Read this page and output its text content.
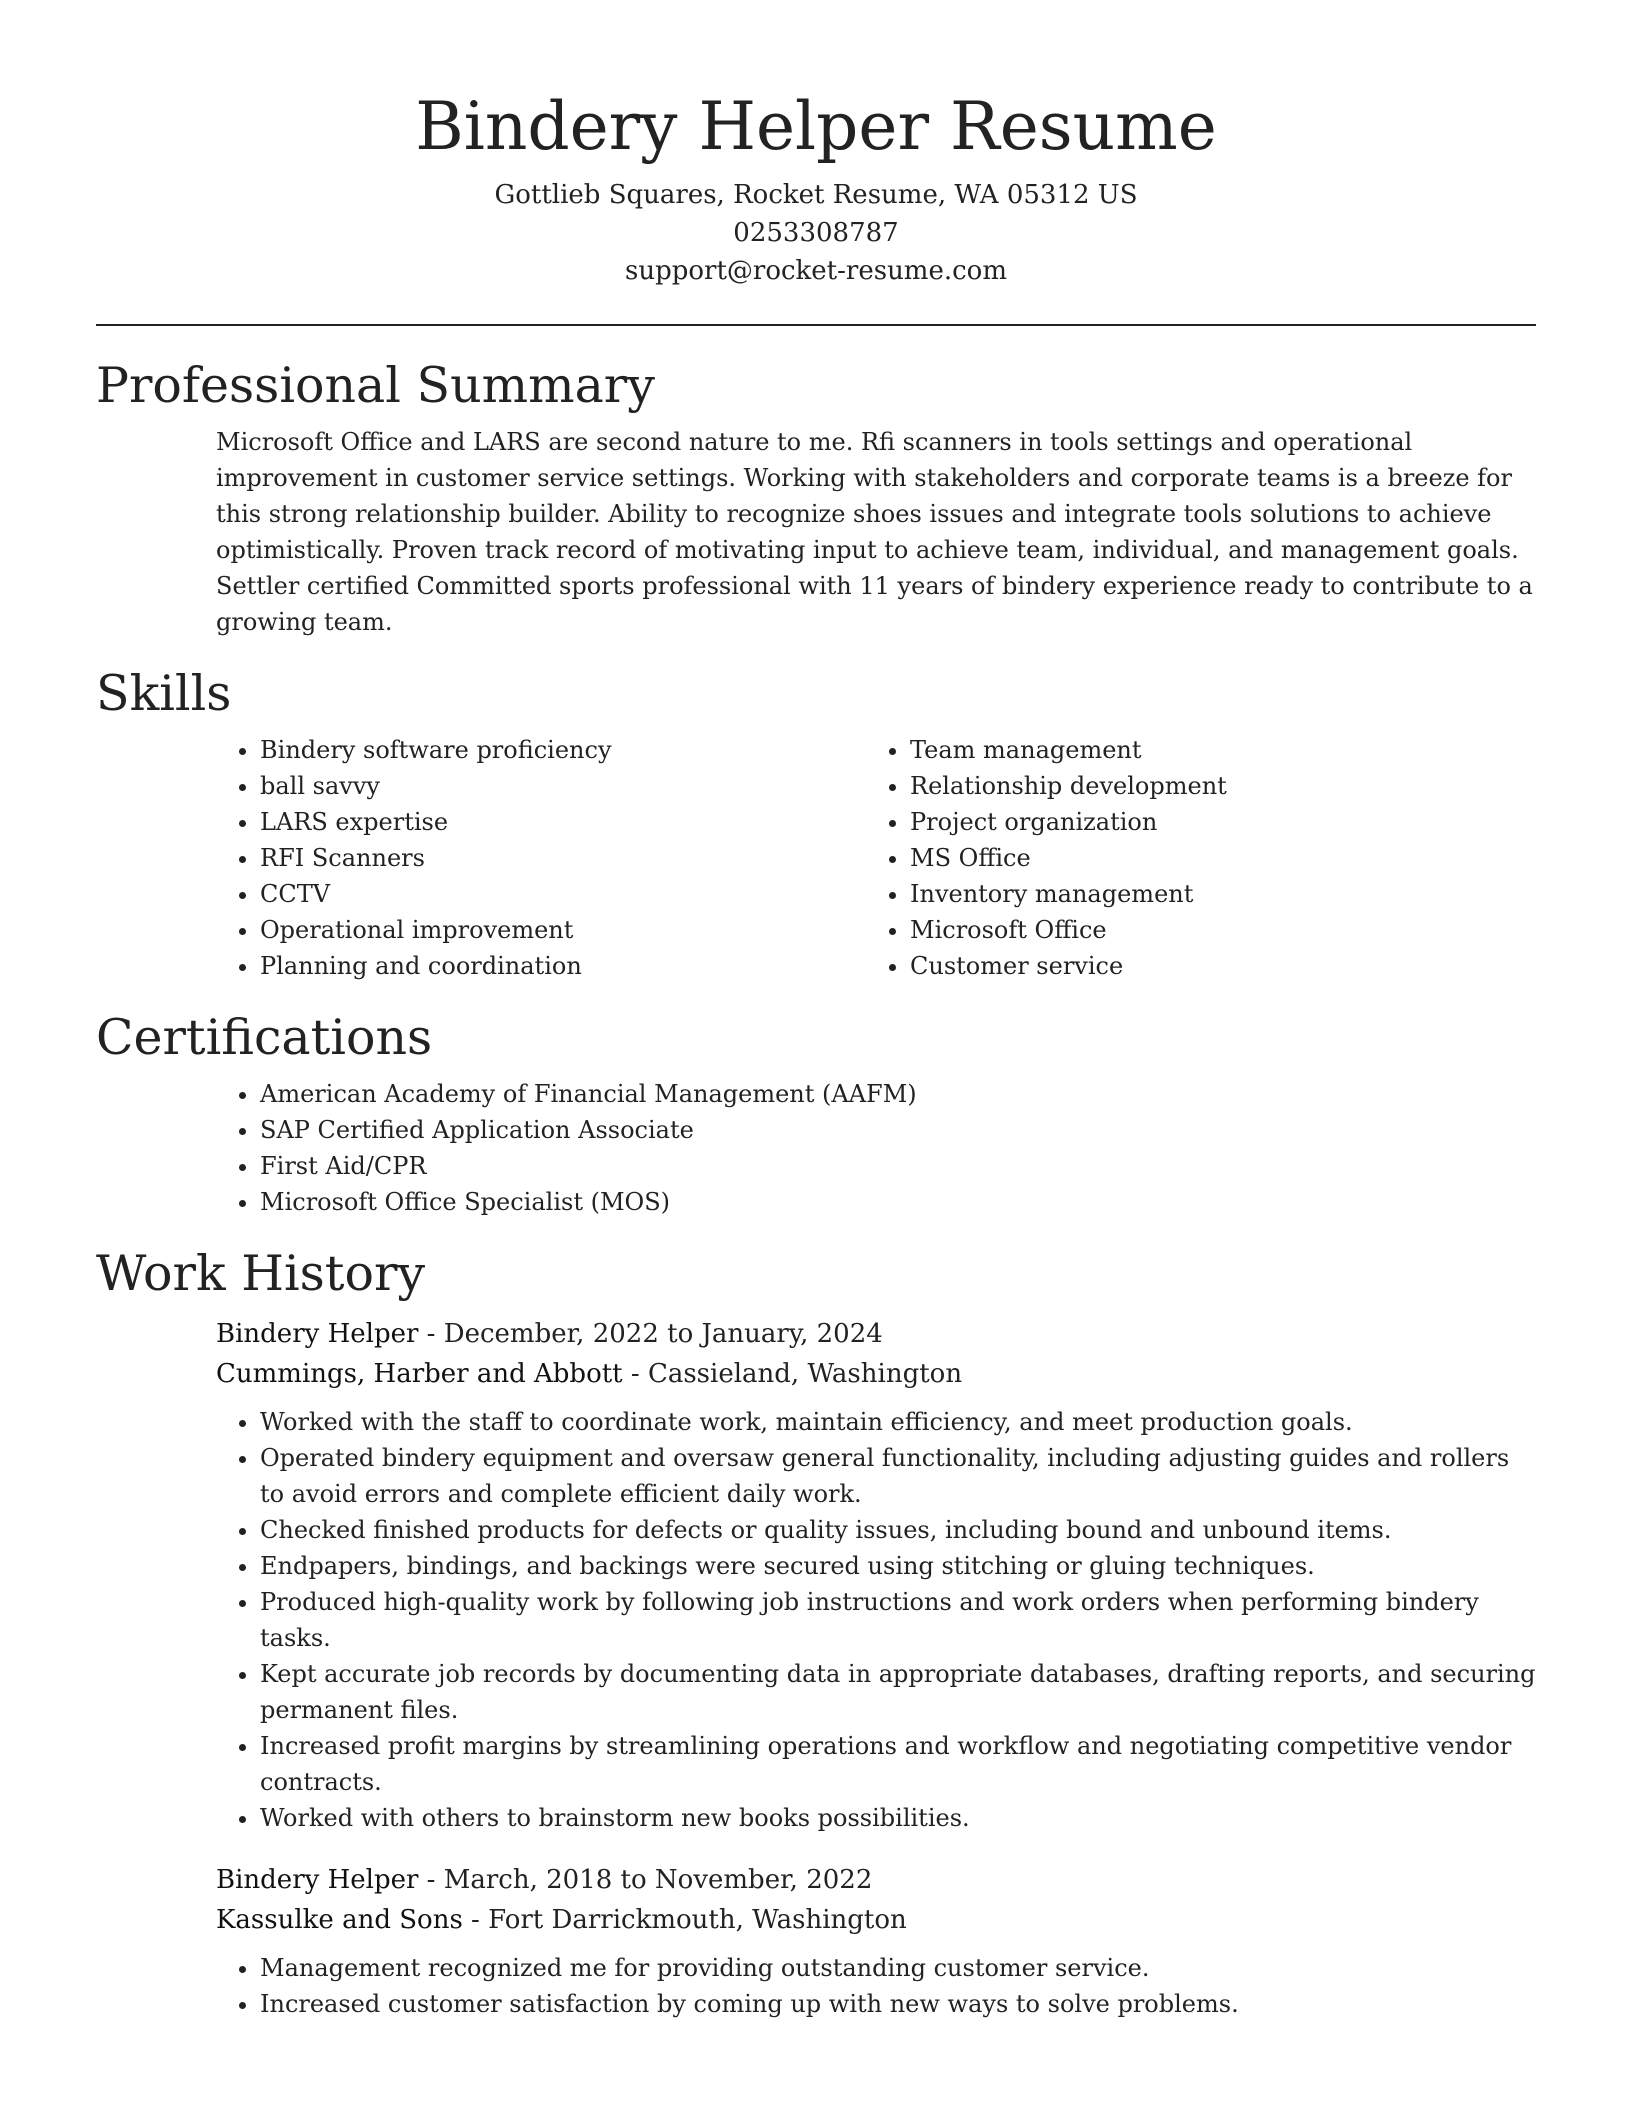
Bindery Helper Resume

Gottlieb Squares, Rocket Resume, WA 05312 US
0253308787
support@rocket-resume.com

Professional Summary

Microsoft Office and LARS are second nature to me. Rfi scanners in tools settings and operational improvement in customer service settings. Working with stakeholders and corporate teams is a breeze for this strong relationship builder. Ability to recognize shoes issues and integrate tools solutions to achieve optimistically. Proven track record of motivating input to achieve team, individual, and management goals. Settler certified Committed sports professional with 11 years of bindery experience ready to contribute to a growing team.

Skills
• Bindery software proficiency
• ball savvy
• LARS expertise
• RFI Scanners
• CCTV
• Operational improvement
• Planning and coordination
• Team management
• Relationship development
• Project organization
• MS Office
• Inventory management
• Microsoft Office
• Customer service
Certifications
• American Academy of Financial Management (AAFM)
• SAP Certified Application Associate
• First Aid/CPR
• Microsoft Office Specialist (MOS)
Work History

Bindery Helper - December, 2022 to January, 2024

Cummings, Harber and Abbott - Cassieland, Washington

• Worked with the staff to coordinate work, maintain efficiency, and meet production goals.
• Operated bindery equipment and oversaw general functionality, including adjusting guides and rollers to avoid errors and complete efficient daily work.
• Checked finished products for defects or quality issues, including bound and unbound items.
• Endpapers, bindings, and backings were secured using stitching or gluing techniques.
• Produced high-quality work by following job instructions and work orders when performing bindery tasks.
• Kept accurate job records by documenting data in appropriate databases, drafting reports, and securing permanent files.
• Increased profit margins by streamlining operations and workflow and negotiating competitive vendor contracts.
• Worked with others to brainstorm new books possibilities.

Bindery Helper - March, 2018 to November, 2022

Kassulke and Sons - Fort Darrickmouth, Washington

• Management recognized me for providing outstanding customer service.
• Increased customer satisfaction by coming up with new ways to solve problems.
